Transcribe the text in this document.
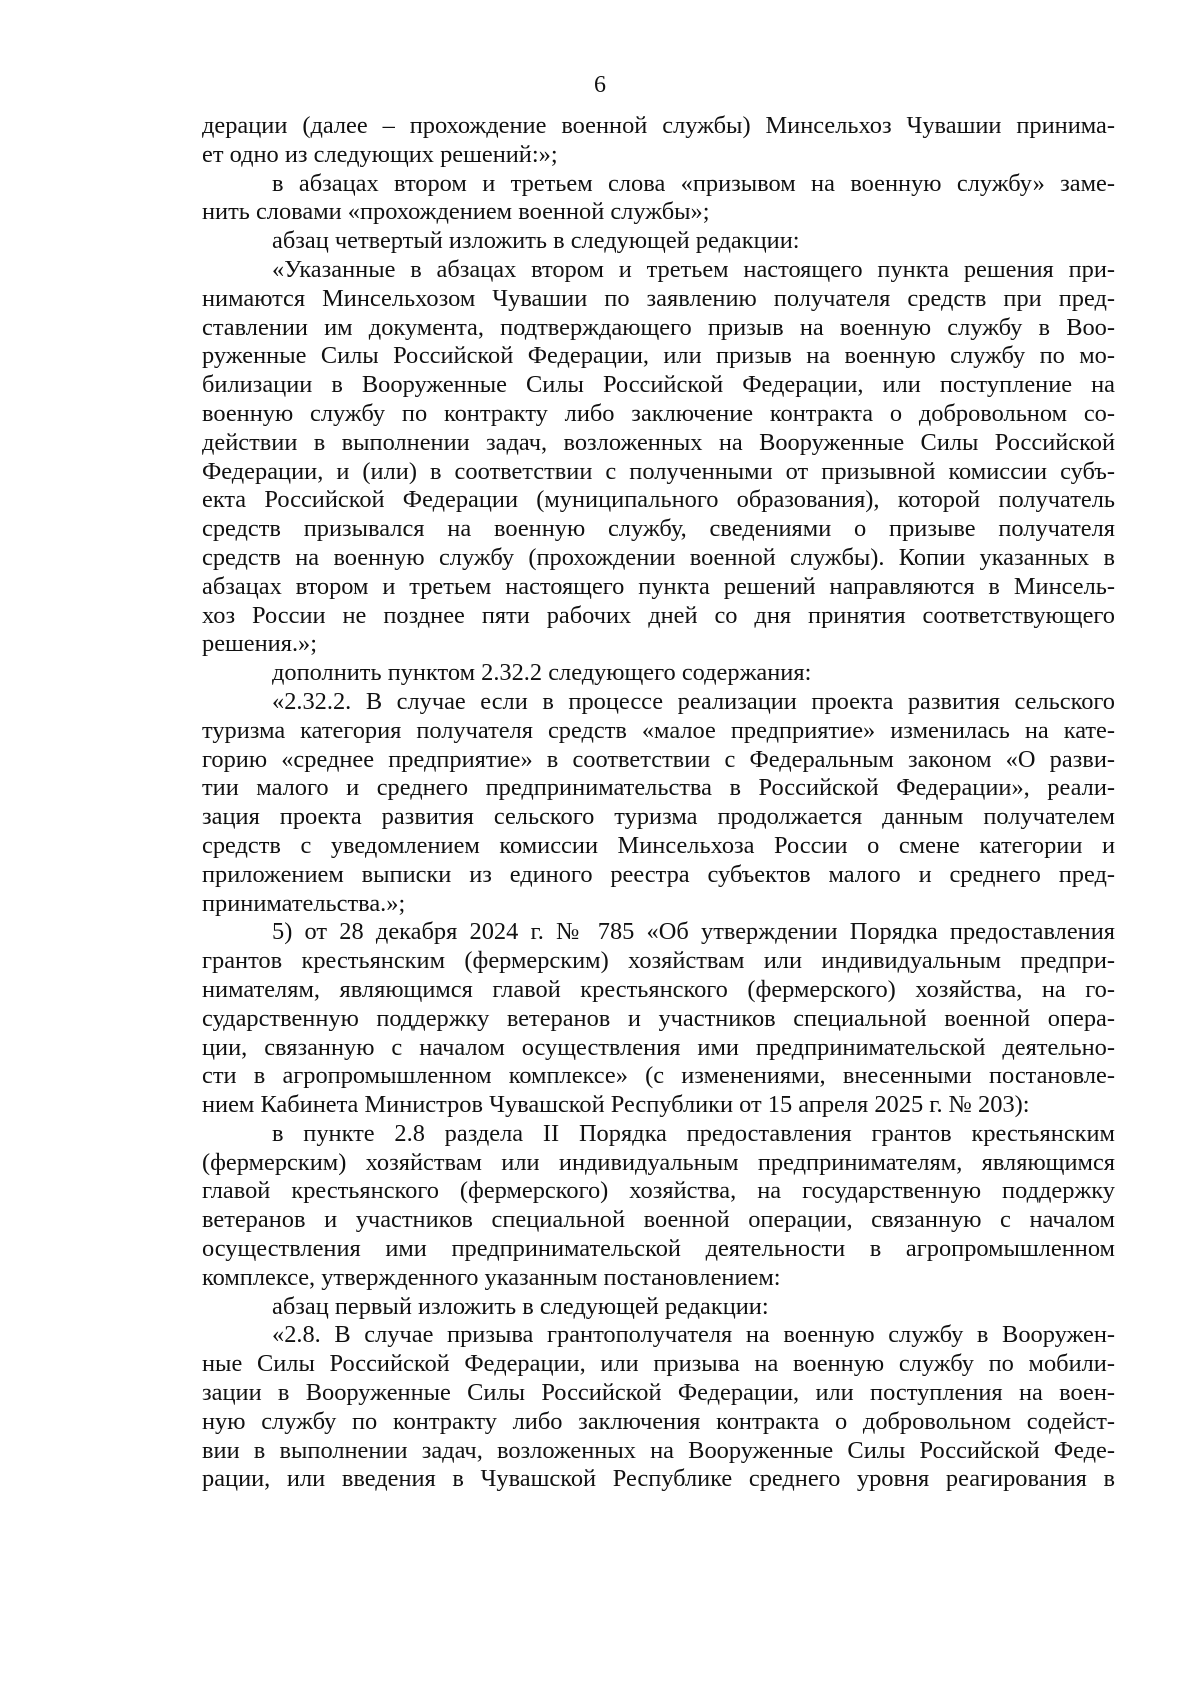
6
дерации (далее – прохождение военной службы) Минсельхоз Чувашии принима-
ет одно из следующих решений:»;
в абзацах втором и третьем слова «призывом на военную службу» заме-
нить словами «прохождением военной службы»;
абзац четвертый изложить в следующей редакции:
«Указанные в абзацах втором и третьем настоящего пункта решения при-
нимаются Минсельхозом Чувашии по заявлению получателя средств при пред-
ставлении им документа, подтверждающего призыв на военную службу в Воо-
руженные Силы Российской Федерации, или призыв на военную службу по мо-
билизации в Вооруженные Силы Российской Федерации, или поступление на
военную службу по контракту либо заключение контракта о добровольном со-
действии в выполнении задач, возложенных на Вооруженные Силы Российской
Федерации, и (или) в соответствии с полученными от призывной комиссии субъ-
екта Российской Федерации (муниципального образования), которой получатель
средств призывался на военную службу, сведениями о призыве получателя
средств на военную службу (прохождении военной службы). Копии указанных в
абзацах втором и третьем настоящего пункта решений направляются в Минсель-
хоз России не позднее пяти рабочих дней со дня принятия соответствующего
решения.»;
дополнить пунктом 2.32.2 следующего содержания:
«2.32.2. В случае если в процессе реализации проекта развития сельского
туризма категория получателя средств «малое предприятие» изменилась на кате-
горию «среднее предприятие» в соответствии с Федеральным законом «О разви-
тии малого и среднего предпринимательства в Российской Федерации», реали-
зация проекта развития сельского туризма продолжается данным получателем
средств с уведомлением комиссии Минсельхоза России о смене категории и
приложением выписки из единого реестра субъектов малого и среднего пред-
принимательства.»;
5) от 28 декабря 2024 г. № 785 «Об утверждении Порядка предоставления
грантов крестьянским (фермерским) хозяйствам или индивидуальным предпри-
нимателям, являющимся главой крестьянского (фермерского) хозяйства, на го-
сударственную поддержку ветеранов и участников специальной военной опера-
ции, связанную с началом осуществления ими предпринимательской деятельно-
сти в агропромышленном комплексе» (с изменениями, внесенными постановле-
нием Кабинета Министров Чувашской Республики от 15 апреля 2025 г. № 203):
в пункте 2.8 раздела II Порядка предоставления грантов крестьянским
(фермерским) хозяйствам или индивидуальным предпринимателям, являющимся
главой крестьянского (фермерского) хозяйства, на государственную поддержку
ветеранов и участников специальной военной операции, связанную с началом
осуществления ими предпринимательской деятельности в агропромышленном
комплексе, утвержденного указанным постановлением:
абзац первый изложить в следующей редакции:
«2.8. В случае призыва грантополучателя на военную службу в Вооружен-
ные Силы Российской Федерации, или призыва на военную службу по мобили-
зации в Вооруженные Силы Российской Федерации, или поступления на воен-
ную службу по контракту либо заключения контракта о добровольном содейст-
вии в выполнении задач, возложенных на Вооруженные Силы Российской Феде-
рации, или введения в Чувашской Республике среднего уровня реагирования в
